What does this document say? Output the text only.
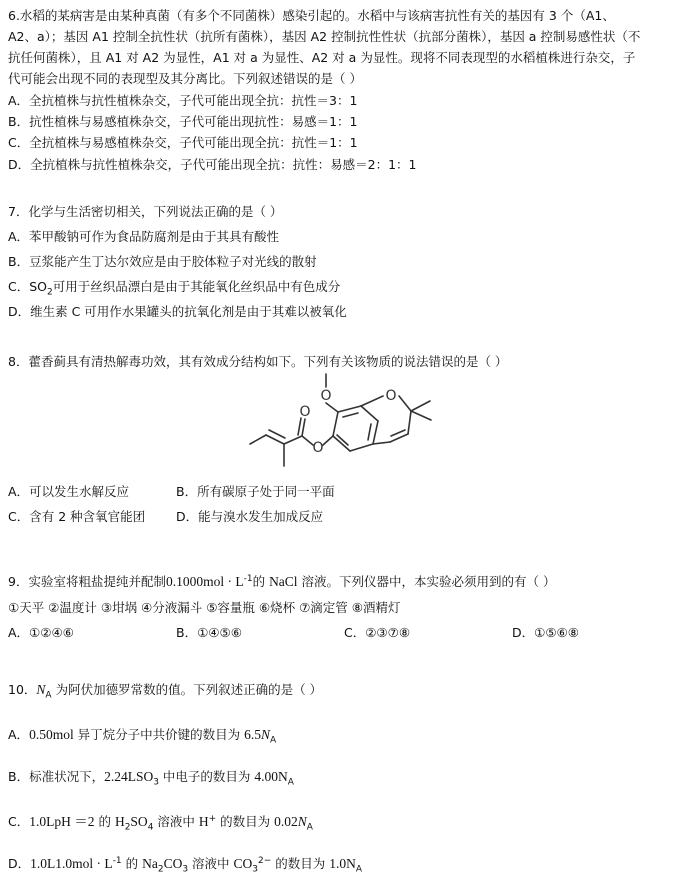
6.水稻的某病害是由某种真菌（有多个不同菌株）感染引起的。水稻中与该病害抗性有关的基因有 3 个（A1、
A2、a）；基因 A1 控制全抗性状（抗所有菌株），基因 A2 控制抗性性状（抗部分菌株），基因 a 控制易感性状（不
抗任何菌株），且 A1 对 A2 为显性，A1 对 a 为显性、A2 对 a 为显性。现将不同表现型的水稻植株进行杂交，子
代可能会出现不同的表现型及其分离比。下列叙述错误的是（ ）
A．全抗植株与抗性植株杂交，子代可能出现全抗：抗性＝3：1
B．抗性植株与易感植株杂交，子代可能出现抗性：易感＝1：1
C．全抗植株与易感植株杂交，子代可能出现全抗：抗性＝1：1
D．全抗植株与抗性植株杂交，子代可能出现全抗：抗性：易感＝2：1：1
7．化学与生活密切相关，下列说法正确的是（ ）
A．苯甲酸钠可作为食品防腐剂是由于其具有酸性
B．豆浆能产生丁达尔效应是由于胶体粒子对光线的散射
C．$SO_2$可用于丝织品漂白是由于其能氧化丝织品中有色成分
D．维生素 C 可用作水果罐头的抗氧化剂是由于其难以被氧化
8．藿香蓟具有清热解毒功效，其有效成分结构如下。下列有关该物质的说法错误的是（ ）
O	O
O
O
A．可以发生水解反应	B．所有碳原子处于同一平面
C．含有 2 种含氧官能团 D．能与溴水发生加成反应
9．实验室将粗盐提纯并配制$0.1000mol \cdot L^{-1}$的 NaCl 溶液。下列仪器中，本实验必须用到的有（ ）
①天平 ②温度计 ③坩埚 ④分液漏斗 ⑤容量瓶 ⑥烧杯 ⑦滴定管 ⑧酒精灯
A．①②④⑥	B．①④⑤⑥	C．②③⑦⑧	D．①⑤⑥⑧
10．$N_A$ 为阿伏加德罗常数的值。下列叙述正确的是（ ）
A．0.50mol 异丁烷分子中共价键的数目为 $6.5N_A$
B．标准状况下，$2.24LSO_3$ 中电子的数目为 $4.00N_A$
C．1.0LpH ＝2 的 $H_2SO_4$ 溶液中 H+ 的数目为 $0.02N_A$
D．$1.0L1.0mol \cdot L^{-1}$ 的 $Na_2CO_3$ 溶液中 $CO_3^{2-}$ 的数目为 $1.0N_A$
